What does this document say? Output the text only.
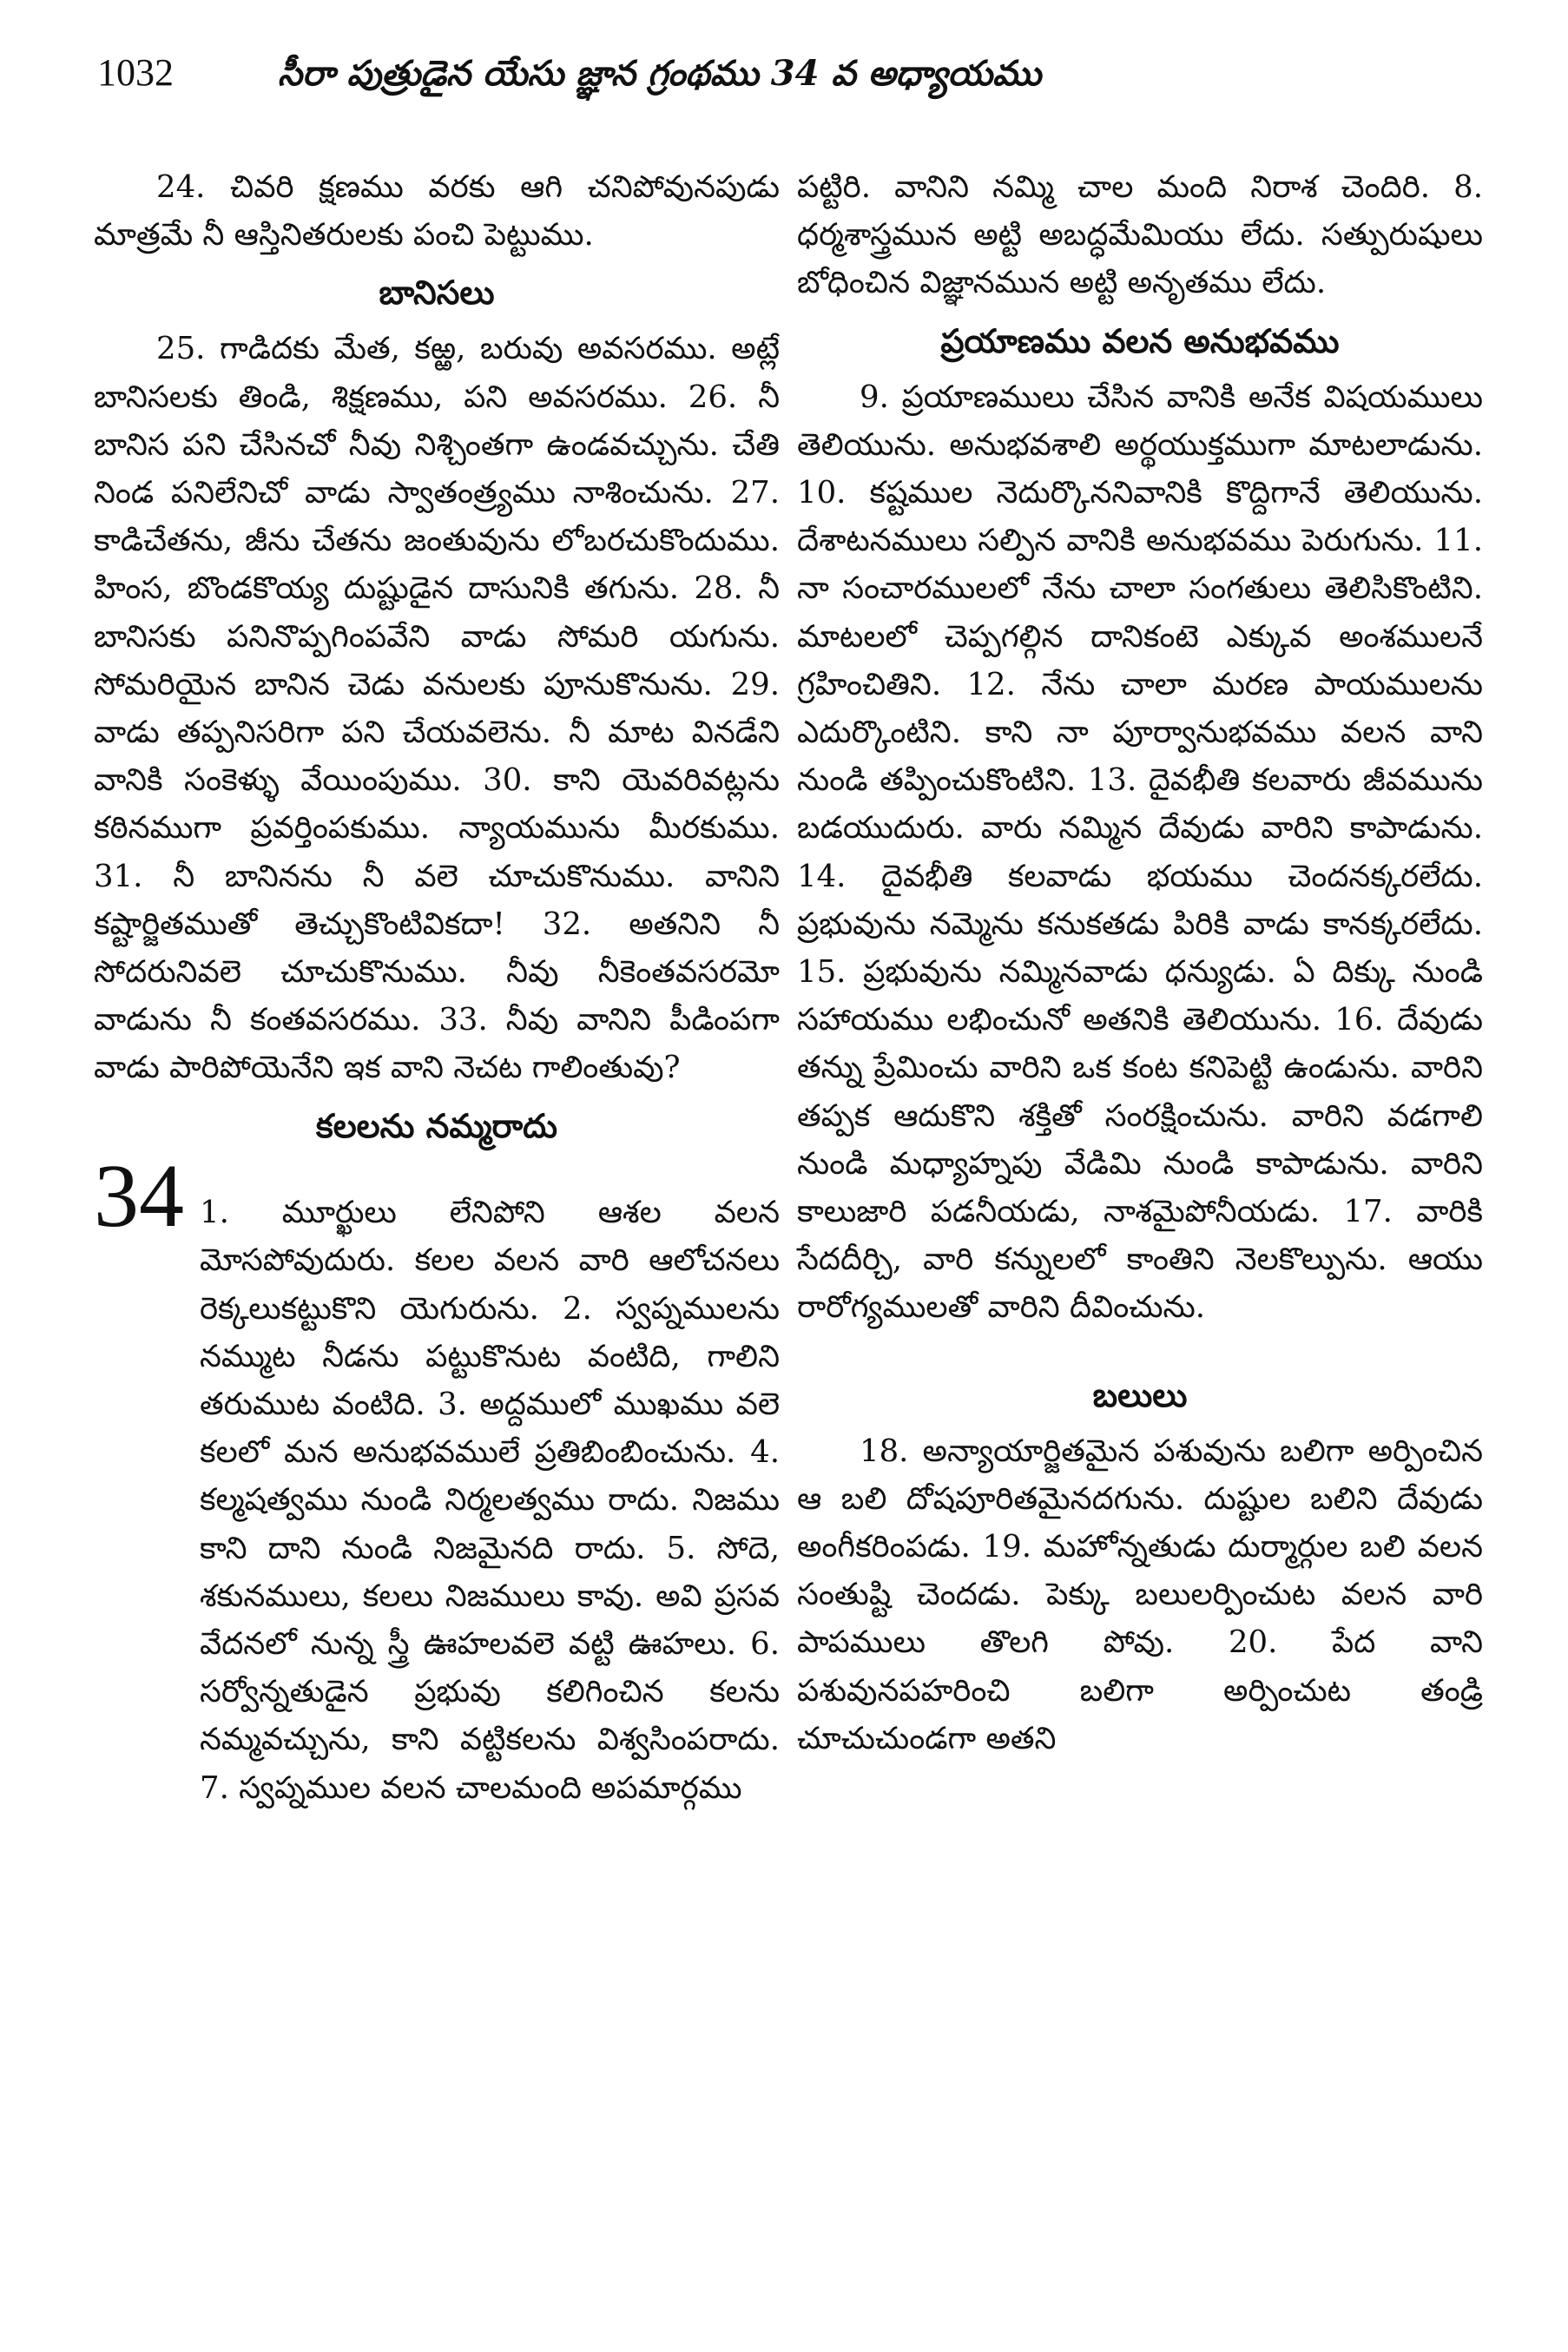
1032	సీరా పుత్రుడైన యేసు జ్ఞాన గ్రంథము 34 వ అధ్యాయము

24. చివరి క్షణము వరకు ఆగి చనిపోవునపుడు మాత్రమే నీ ఆస్తినితరులకు పంచి పెట్టుము.

బానిసలు

25. గాడిదకు మేత, కఱ్ఱ, బరువు అవసరము. అట్లే బానిసలకు తిండి, శిక్షణము, పని అవసరము. 26. నీ బానిస పని చేసినచో నీవు నిశ్చింతగా ఉండవచ్చును. చేతి నిండ పనిలేనిచో వాడు స్వాతంత్ర్యము నాశించును. 27. కాడిచేతను, జీను చేతను జంతువును లోబరచుకొందుము. హింస, బొండకొయ్య దుష్టుడైన దాసునికి తగును. 28. నీ బానిసకు పనినొప్పగింపవేని వాడు సోమరి యగును. సోమరియైన బానిన చెడు వనులకు పూనుకొనును. 29. వాడు తప్పనిసరిగా పని చేయవలెను. నీ మాట వినడేని వానికి సంకెళ్ళు వేయింపుము. 30. కాని యెవరివట్లను కఠినముగా ప్రవర్తింపకుము. న్యాయమును మీరకుము. 31. నీ బానినను నీ వలె చూచుకొనుము. వానిని కష్టార్జితముతో తెచ్చుకొంటివికదా! 32. అతనిని నీ సోదరునివలె చూచుకొనుము. నీవు నీకెంతవసరమో వాడును నీ కంతవసరము. 33. నీవు వానిని పీడింపగా వాడు పారిపోయెనేని ఇక వాని నెచట గాలింతువు?

కలలను నమ్మరాదు
34 1. మూర్ఖులు లేనిపోని ఆశల వలన మోసపోవుదురు. కలల వలన వారి ఆలోచనలు రెక్కలుకట్టుకొని యెగురును. 2. స్వప్నములను నమ్ముట నీడను పట్టుకొనుట వంటిది, గాలిని తరుముట వంటిది. 3. అద్దములో ముఖము వలె కలలో మన అనుభవములే ప్రతిబింబించును. 4. కల్మషత్వము నుండి నిర్మలత్వము రాదు. నిజము కాని దాని నుండి నిజమైనది రాదు. 5. సోదె, శకునములు, కలలు నిజములు కావు. అవి ప్రసవ వేదనలో నున్న స్త్రీ ఊహలవలె వట్టి ఊహలు. 6. సర్వోన్నతుడైన ప్రభువు కలిగించిన కలను నమ్మవచ్చును, కాని వట్టికలను విశ్వసింపరాదు. 7. స్వప్నముల వలన చాలమంది అపమార్గము

పట్టిరి. వానిని నమ్మి చాల మంది నిరాశ చెందిరి. 8. ధర్మశాస్త్రమున అట్టి అబద్ధమేమియు లేదు. సత్పురుషులు బోధించిన విజ్ఞానమున అట్టి అనృతము లేదు.

ప్రయాణము వలన అనుభవము

9. ప్రయాణములు చేసిన వానికి అనేక విషయములు తెలియును. అనుభవశాలి అర్థయుక్తముగా మాటలాడును. 10. కష్టముల నెదుర్కొననివానికి కొద్దిగానే తెలియును. దేశాటనములు సల్పిన వానికి అనుభవము పెరుగును. 11. నా సంచారములలో నేను చాలా సంగతులు తెలిసికొంటిని. మాటలలో చెప్పగల్గిన దానికంటె ఎక్కువ అంశములనే గ్రహించితిని. 12. నేను చాలా మరణ పాయములను ఎదుర్కొంటిని. కాని నా పూర్వానుభవము వలన వాని నుండి తప్పించుకొంటిని. 13. దైవభీతి కలవారు జీవమును బడయుదురు. వారు నమ్మిన దేవుడు వారిని కాపాడును. 14. దైవభీతి కలవాడు భయము చెందనక్కరలేదు. ప్రభువును నమ్మెను కనుకతడు పిరికి వాడు కానక్కరలేదు. 15. ప్రభువును నమ్మినవాడు ధన్యుడు. ఏ దిక్కు నుండి సహాయము లభించునో అతనికి తెలియును. 16. దేవుడు తన్ను ప్రేమించు వారిని ఒక కంట కనిపెట్టి ఉండును. వారిని తప్పక ఆదుకొని శక్తితో సంరక్షించును. వారిని వడగాలి నుండి మధ్యాహ్నపు వేడిమి నుండి కాపాడును. వారిని కాలుజారి పడనీయడు, నాశమైపోనీయడు. 17. వారికి సేదదీర్చి, వారి కన్నులలో కాంతిని నెలకొల్పును. ఆయు రారోగ్యములతో వారిని దీవించును.

బలులు

18. అన్యాయార్జితమైన పశువును బలిగా అర్పించిన ఆ బలి దోషపూరితమైనదగును. దుష్టుల బలిని దేవుడు అంగీకరింపడు. 19. మహోన్నతుడు దుర్మార్గుల బలి వలన సంతుష్టి చెందడు. పెక్కు బలులర్పించుట వలన వారి పాపములు తొలగి పోవు. 20. పేద వాని పశువునపహరించి బలిగా అర్పించుట తండ్రి చూచుచుండగా అతని
